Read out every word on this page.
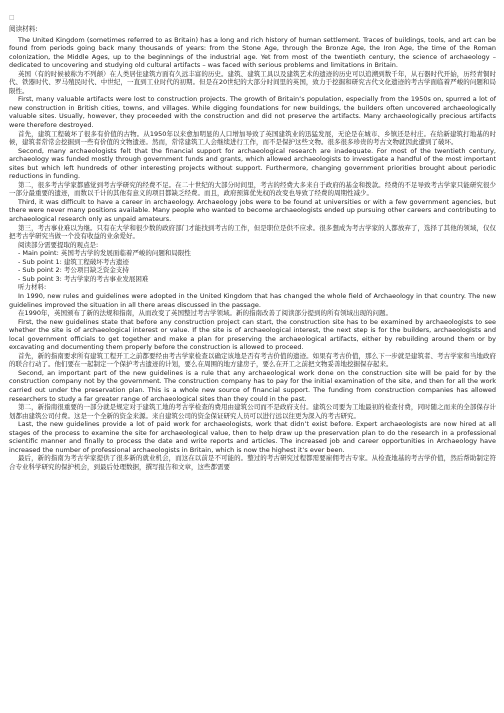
□
阅读材料:

The United Kingdom (sometimes referred to as Britain) has a long and rich history of human settlement. Traces of buildings, tools, and art can be found from periods going back many thousands of years: from the Stone Age, through the Bronze Age, the Iron Age, the time of the Roman colonization, the Middle Ages, up to the beginnings of the industrial age. Yet from most of the twentieth century, the science of archaeology – dedicated to uncovering and studying old cultural artifacts – was faced with serious problems and limitations in Britain.

英国（有的时候被称为不列颠）在人类居住建筑方面有久远丰富的历史。建筑、建筑工具以及建筑艺术的遗迹的历史可以追溯到数千年，从石器时代开始，历经青铜时代、铁器时代、罗马殖民时代、中世纪，一直到工业时代的初期。但是在20世纪的大部分时间里的英国，致力于挖掘和研究古代文化遗迹的考古学面临着严峻的问题和局限性。

First, many valuable artifacts were lost to construction projects. The growth of Britain’s population, especially from the 1950s on, spurred a lot of new construction in British cities, towns, and villages. While digging foundations for new buildings, the builders often uncovered archaeologically valuable sites. Usually, however, they proceeded with the construction and did not preserve the artifacts. Many archaeologically precious artifacts were therefore destroyed.

首先，建筑工程破坏了很多有价值的古物。从1950年以来愈加明显的人口增加导致了英国建筑业的迅猛发展，无论是在城市、乡镇还是村庄。在给新建筑打地基的时候，建筑者常常会挖掘到一些有价值的文物遗迹。然而，常常建筑工人会继续进行工作，而不是保护这些文物。很多很多珍贵的考古文物就因此遭到了破坏。

Second, many archaeologists felt that the financial support for archaeological research are inadequate. For most of the twentieth century, archaeology was funded mostly through government funds and grants, which allowed archaeologists to investigate a handful of the most important sites but which left hundreds of other interesting projects without support. Furthermore, changing government priorities brought about periodic reductions in funding.

第二，很多考古学家都感觉到考古学研究的经费不足。在二十世纪的大部分时间里，考古的经费大多来自于政府的基金和拨款。经费的不足导致考古学家只能研究很少一部分最重要的遗迹，而数以千计的其他有意义的项目都缺乏经费。而且，政府预算优先权的改变也导致了经费的周期性减少。

Third, it was difficult to have a career in archaeology. Archaeology jobs were to be found at universities or with a few government agencies, but there were never many positions available. Many people who wanted to become archaeologists ended up pursuing other careers and contributing to archaeological research only as unpaid amateurs.

第三，考古事业难以为继。只有在大学和很少数的政府部门才能找到考古的工作，但是职位是供不应求。很多想成为考古学家的人都放弃了，选择了其他的领域，仅仅把考古学研究当做一个没有收益的业余爱好。

阅读部分需要提取的观点是:

- Main point: 英国考古学的发展面临着严峻的问题和局限性

- Sub point 1: 建筑工程破坏考古遗迹

- Sub point 2: 考公项目缺乏资金支持

- Sub point 3: 考古学家的考古事业发展困难

听力材料:

In 1990, new rules and guidelines were adopted in the United Kingdom that has changed the whole field of Archaeology in that country. The new guidelines improved the situation in all there areas discussed in the passage.

在1990年，英国颁布了新的法规和指南，从而改变了英国整过考古学领域。新的指南改善了阅读部分提到的所有领域出现的问题。

First, the new guidelines state that before any construction project can start, the construction site has to be examined by archaeologists to see whether the site is of archaeological interest or value. If the site is of archaeological interest, the next step is for the builders, archaeologists and local government officials to get together and make a plan for preserving the archaeological artifacts, either by rebuilding around them or by excavating and documenting them properly before the construction is allowed to proceed.

首先，新的指南要求所有建筑工程开工之前都要经由考古学家检查以确定该地是否有考古价值的遗迹。如果有考古价值，那么下一步就是建筑者、考古学家和当地政府的联合行动了。他们要在一起制定一个保护考古遗迹的计划，要么在周围的地方建房子，要么在开工之前把文物妥善地挖掘保存起来。

Second, an important part of the new guidelines is a rule that any archaeological work done on the construction site will be paid for by the construction company not by the government. The construction company has to pay for the initial examination of the site, and then for all the work carried out under the preservation plan. This is a whole new source of financial support. The funding from construction companies has allowed researchers to study a far greater range of archaeological sites than they could in the past.

第二，新指南很重要的一部分就是规定对于建筑工地的考古学检查的费用由建筑公司而不是政府支付。建筑公司要为工地最初的检查付费，同时随之而来的全部保存计划都由建筑公司付费。这是一个全新的资金来源。来自建筑公司的资金保证研究人员可以进行远以往更为深入的考古研究。

Last, the new guidelines provide a lot of paid work for archaeologists, work that didn’t exist before. Expert archaeologists are now hired at all stages of the process to examine the site for archaeological value, then to help draw up the preservation plan to do the research in a professional scientific manner and finally to process the date and write reports and articles. The increased job and career opportunities in Archaeology have increased the number of professional archaeologists in Britain, which is now the highest it’s ever been.

最后，新的指南为考古学家提供了很多新的就业机会，而这在以前是不可能的。整过的考古研究过程都需要雇佣考古专家。从检查地基的考古学价值，然后帮助制定符合专业科学研究的保护机会，到最后处理数据，撰写报告和文章，这些都需要
